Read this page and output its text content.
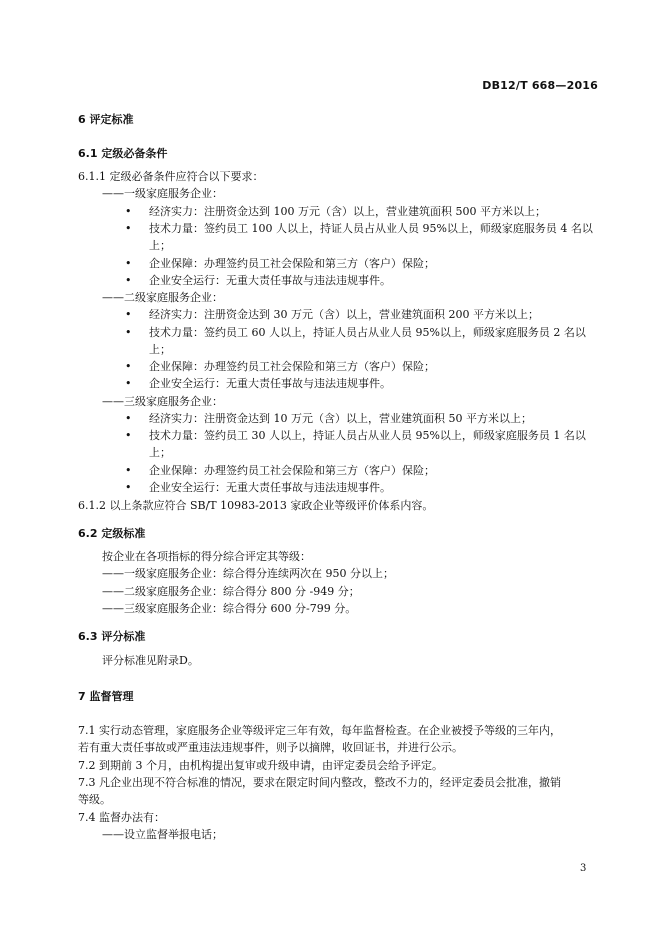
DB12/T 668—2016
6 评定标准
6.1 定级必备条件
6.1.1 定级必备条件应符合以下要求：
——一级家庭服务企业：
• 经济实力：注册资金达到 100 万元（含）以上，营业建筑面积 500 平方米以上；
• 技术力量：签约员工 100 人以上，持证人员占从业人员 95%以上，师级家庭服务员 4 名以上；
• 企业保障：办理签约员工社会保险和第三方（客户）保险；
• 企业安全运行：无重大责任事故与违法违规事件。
——二级家庭服务企业：
• 经济实力：注册资金达到 30 万元（含）以上，营业建筑面积 200 平方米以上；
• 技术力量：签约员工 60 人以上，持证人员占从业人员 95%以上，师级家庭服务员 2 名以上；
• 企业保障：办理签约员工社会保险和第三方（客户）保险；
• 企业安全运行：无重大责任事故与违法违规事件。
——三级家庭服务企业：
• 经济实力：注册资金达到 10 万元（含）以上，营业建筑面积 50 平方米以上；
• 技术力量：签约员工 30 人以上，持证人员占从业人员 95%以上，师级家庭服务员 1 名以上；
• 企业保障：办理签约员工社会保险和第三方（客户）保险；
• 企业安全运行：无重大责任事故与违法违规事件。
6.1.2 以上条款应符合 SB/T 10983-2013 家政企业等级评价体系内容。
6.2 定级标准
按企业在各项指标的得分综合评定其等级：
——一级家庭服务企业：综合得分连续两次在 950 分以上；
——二级家庭服务企业：综合得分 800 分 -949 分；
——三级家庭服务企业：综合得分 600 分-799 分。
6.3 评分标准
评分标准见附录D。
7 监督管理
7.1 实行动态管理，家庭服务企业等级评定三年有效，每年监督检查。在企业被授予等级的三年内，
若有重大责任事故或严重违法违规事件，则予以摘牌，收回证书，并进行公示。
7.2 到期前 3 个月，由机构提出复审或升级申请，由评定委员会给予评定。
7.3 凡企业出现不符合标准的情况，要求在限定时间内整改，整改不力的，经评定委员会批准，撤销
等级。
7.4 监督办法有：
——设立监督举报电话；
3
